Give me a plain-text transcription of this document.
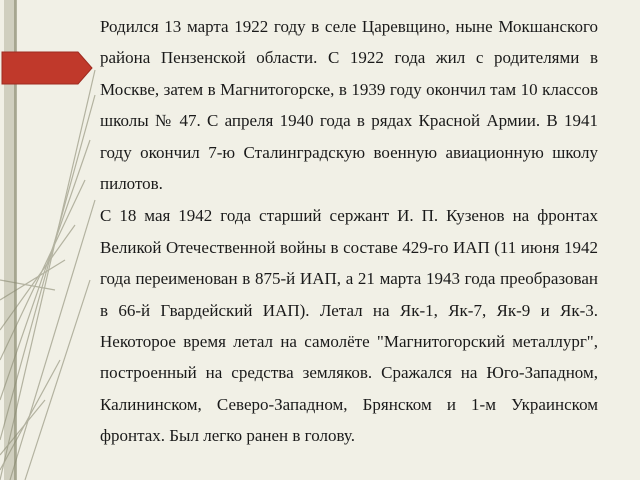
Родился 13 марта 1922 году в селе Царевщино, ныне Мокшанского района Пензенской области. С 1922 года жил с родителями в Москве, затем в Магнитогорске, в 1939 году окончил там 10 классов школы № 47. С апреля 1940 года в рядах Красной Армии. В 1941 году окончил 7-ю Сталинградскую военную авиационную школу пилотов.

С 18 мая 1942 года старший сержант И. П. Кузенов на фронтах Великой Отечественной войны в составе 429-го ИАП (11 июня 1942 года переименован в 875-й ИАП, а 21 марта 1943 года преобразован в 66-й Гвардейский ИАП). Летал на Як-1, Як-7, Як-9 и Як-3. Некоторое время летал на самолёте "Магнитогорский металлург", построенный на средства земляков. Сражался на Юго-Западном, Калининском, Северо-Западном, Брянском и 1-м Украинском фронтах. Был легко ранен в голову.
